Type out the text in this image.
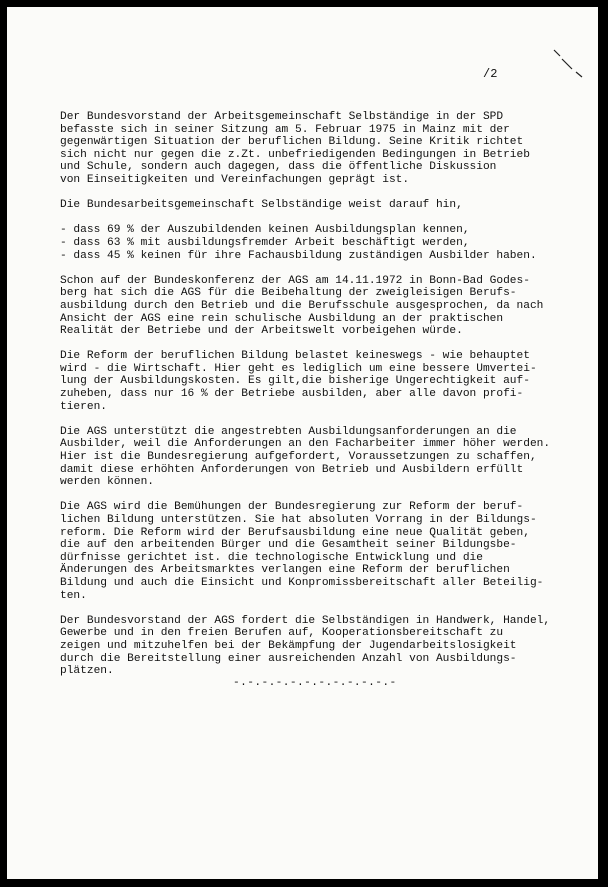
/2

Der Bundesvorstand der Arbeitsgemeinschaft Selbständige in der SPD
befasste sich in seiner Sitzung am 5. Februar 1975 in Mainz mit der
gegenwärtigen Situation der beruflichen Bildung. Seine Kritik richtet
sich nicht nur gegen die z.Zt. unbefriedigenden Bedingungen in Betrieb
und Schule, sondern auch dagegen, dass die öffentliche Diskussion
von Einseitigkeiten und Vereinfachungen geprägt ist.

Die Bundesarbeitsgemeinschaft Selbständige weist darauf hin,

- dass 69 % der Auszubildenden keinen Ausbildungsplan kennen,
- dass 63 % mit ausbildungsfremder Arbeit beschäftigt werden,
- dass 45 % keinen für ihre Fachausbildung zuständigen Ausbilder haben.

Schon auf der Bundeskonferenz der AGS am 14.11.1972 in Bonn-Bad Godes-
berg hat sich die AGS für die Beibehaltung der zweigleisigen Berufs-
ausbildung durch den Betrieb und die Berufsschule ausgesprochen, da nach
Ansicht der AGS eine rein schulische Ausbildung an der praktischen
Realität der Betriebe und der Arbeitswelt vorbeigehen würde.

Die Reform der beruflichen Bildung belastet keineswegs - wie behauptet
wird - die Wirtschaft. Hier geht es lediglich um eine bessere Umvertei-
lung der Ausbildungskosten. Es gilt,die bisherige Ungerechtigkeit auf-
zuheben, dass nur 16 % der Betriebe ausbilden, aber alle davon profi-
tieren.

Die AGS unterstützt die angestrebten Ausbildungsanforderungen an die
Ausbilder, weil die Anforderungen an den Facharbeiter immer höher werden.
Hier ist die Bundesregierung aufgefordert, Voraussetzungen zu schaffen,
damit diese erhöhten Anforderungen von Betrieb und Ausbildern erfüllt
werden können.

Die AGS wird die Bemühungen der Bundesregierung zur Reform der beruf-
lichen Bildung unterstützen. Sie hat absoluten Vorrang in der Bildungs-
reform. Die Reform wird der Berufsausbildung eine neue Qualität geben,
die auf den arbeitenden Bürger und die Gesamtheit seiner Bildungsbe-
dürfnisse gerichtet ist. die technologische Entwicklung und die
Änderungen des Arbeitsmarktes verlangen eine Reform der beruflichen
Bildung und auch die Einsicht und Konpromissbereitschaft aller Beteilig-
ten.

Der Bundesvorstand der AGS fordert die Selbständigen in Handwerk, Handel,
Gewerbe und in den freien Berufen auf, Kooperationsbereitschaft zu
zeigen und mitzuhelfen bei der Bekämpfung der Jugendarbeitslosigkeit
durch die Bereitstellung einer ausreichenden Anzahl von Ausbildungs-
plätzen.

-.-.-.-.-.-.-.-.-.-.-.-
